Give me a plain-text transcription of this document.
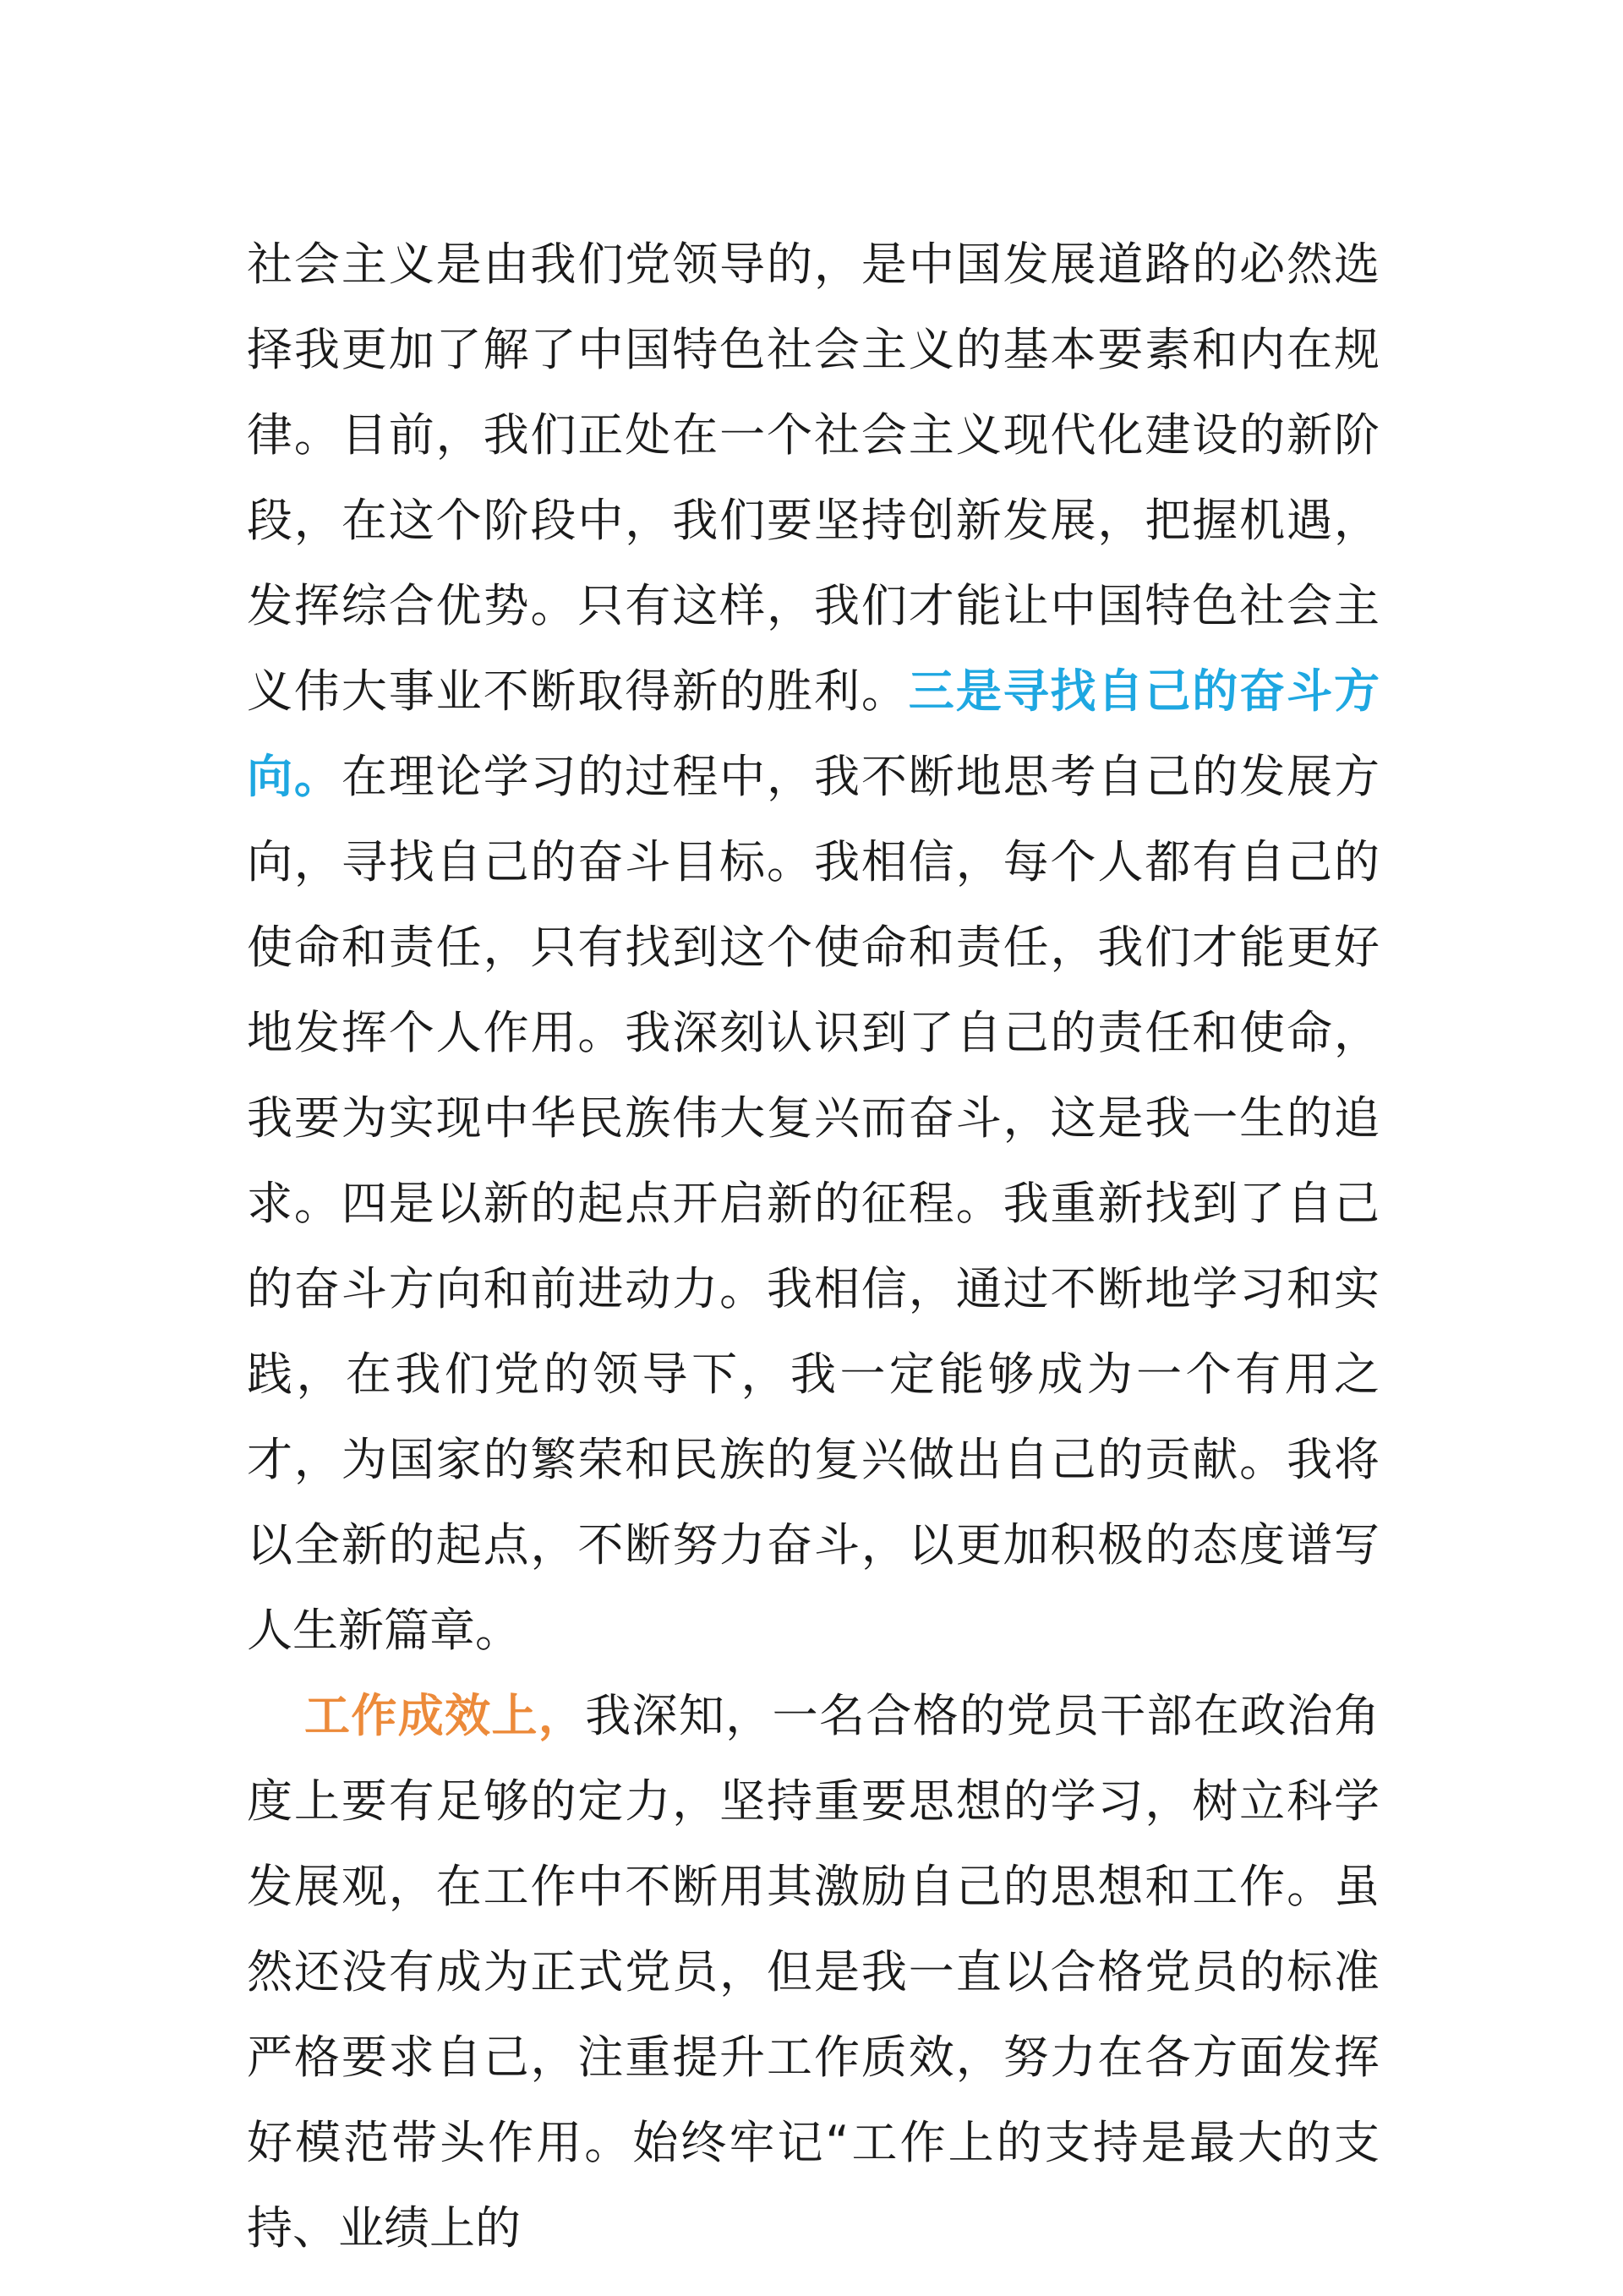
社会主义是由我们党领导的，是中国发展道路的必然选择我更加了解了中国特色社会主义的基本要素和内在规律。目前，我们正处在一个社会主义现代化建设的新阶段，在这个阶段中，我们要坚持创新发展，把握机遇，发挥综合优势。只有这样，我们才能让中国特色社会主义伟大事业不断取得新的胜利。三是寻找自己的奋斗方向。在理论学习的过程中，我不断地思考自己的发展方向，寻找自己的奋斗目标。我相信，每个人都有自己的使命和责任，只有找到这个使命和责任，我们才能更好地发挥个人作用。我深刻认识到了自己的责任和使命，我要为实现中华民族伟大复兴而奋斗，这是我一生的追求。四是以新的起点开启新的征程。我重新找到了自己的奋斗方向和前进动力。我相信，通过不断地学习和实践，在我们党的领导下，我一定能够成为一个有用之才，为国家的繁荣和民族的复兴做出自己的贡献。我将以全新的起点，不断努力奋斗，以更加积极的态度谱写人生新篇章。

工作成效上，我深知，一名合格的党员干部在政治角度上要有足够的定力，坚持重要思想的学习，树立科学发展观，在工作中不断用其激励自己的思想和工作。虽然还没有成为正式党员，但是我一直以合格党员的标准严格要求自己，注重提升工作质效，努力在各方面发挥好模范带头作用。始终牢记“工作上的支持是最大的支持、业绩上的
